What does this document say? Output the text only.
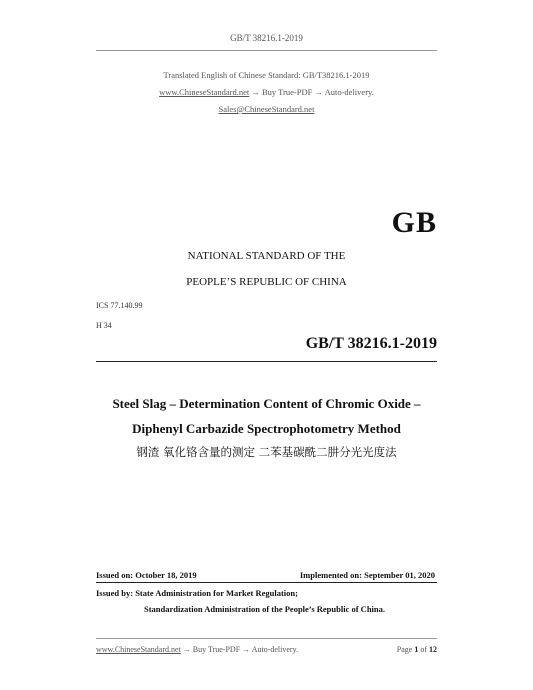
GB/T 38216.1-2019
Translated English of Chinese Standard: GB/T38216.1-2019
www.ChineseStandard.net → Buy True-PDF → Auto-delivery.
Sales@ChineseStandard.net
GB
NATIONAL STANDARD OF THE
PEOPLE’S REPUBLIC OF CHINA
ICS 77.140.99
H 34
GB/T 38216.1-2019
Steel Slag – Determination Content of Chromic Oxide –
Diphenyl Carbazide Spectrophotometry Method
钢渣 氧化铬含量的测定 二苯基碳酰二肼分光光度法
Issued on: October 18, 2019	Implemented on: September 01, 2020
Issued by: State Administration for Market Regulation;
Standardization Administration of the People’s Republic of China.
www.ChineseStandard.net → Buy True-PDF → Auto-delivery.	Page 1 of 12
